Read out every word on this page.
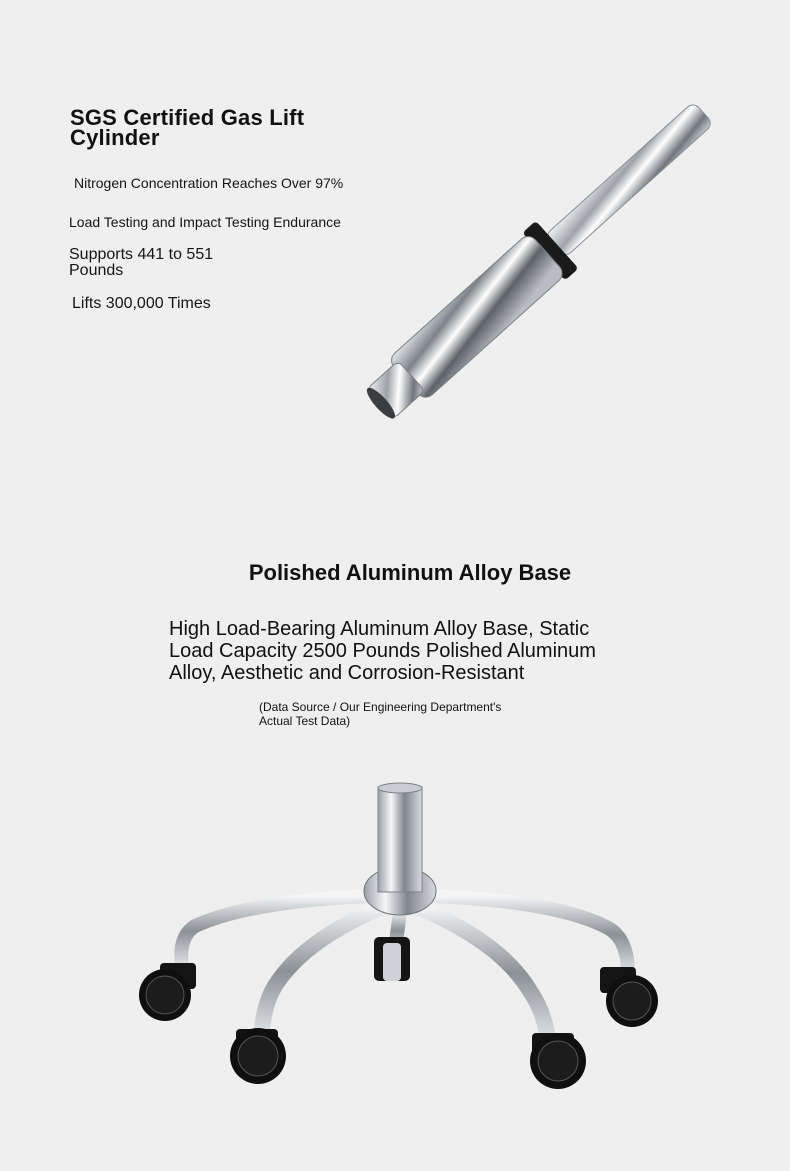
SGS Certified Gas Lift Cylinder
Nitrogen Concentration Reaches Over 97%
Load Testing and Impact Testing Endurance
Supports 441 to 551 Pounds
Lifts 300,000 Times
Polished Aluminum Alloy Base
High Load-Bearing Aluminum Alloy Base, Static Load Capacity 2500 Pounds Polished Aluminum Alloy, Aesthetic and Corrosion-Resistant
(Data Source / Our Engineering Department's Actual Test Data)
